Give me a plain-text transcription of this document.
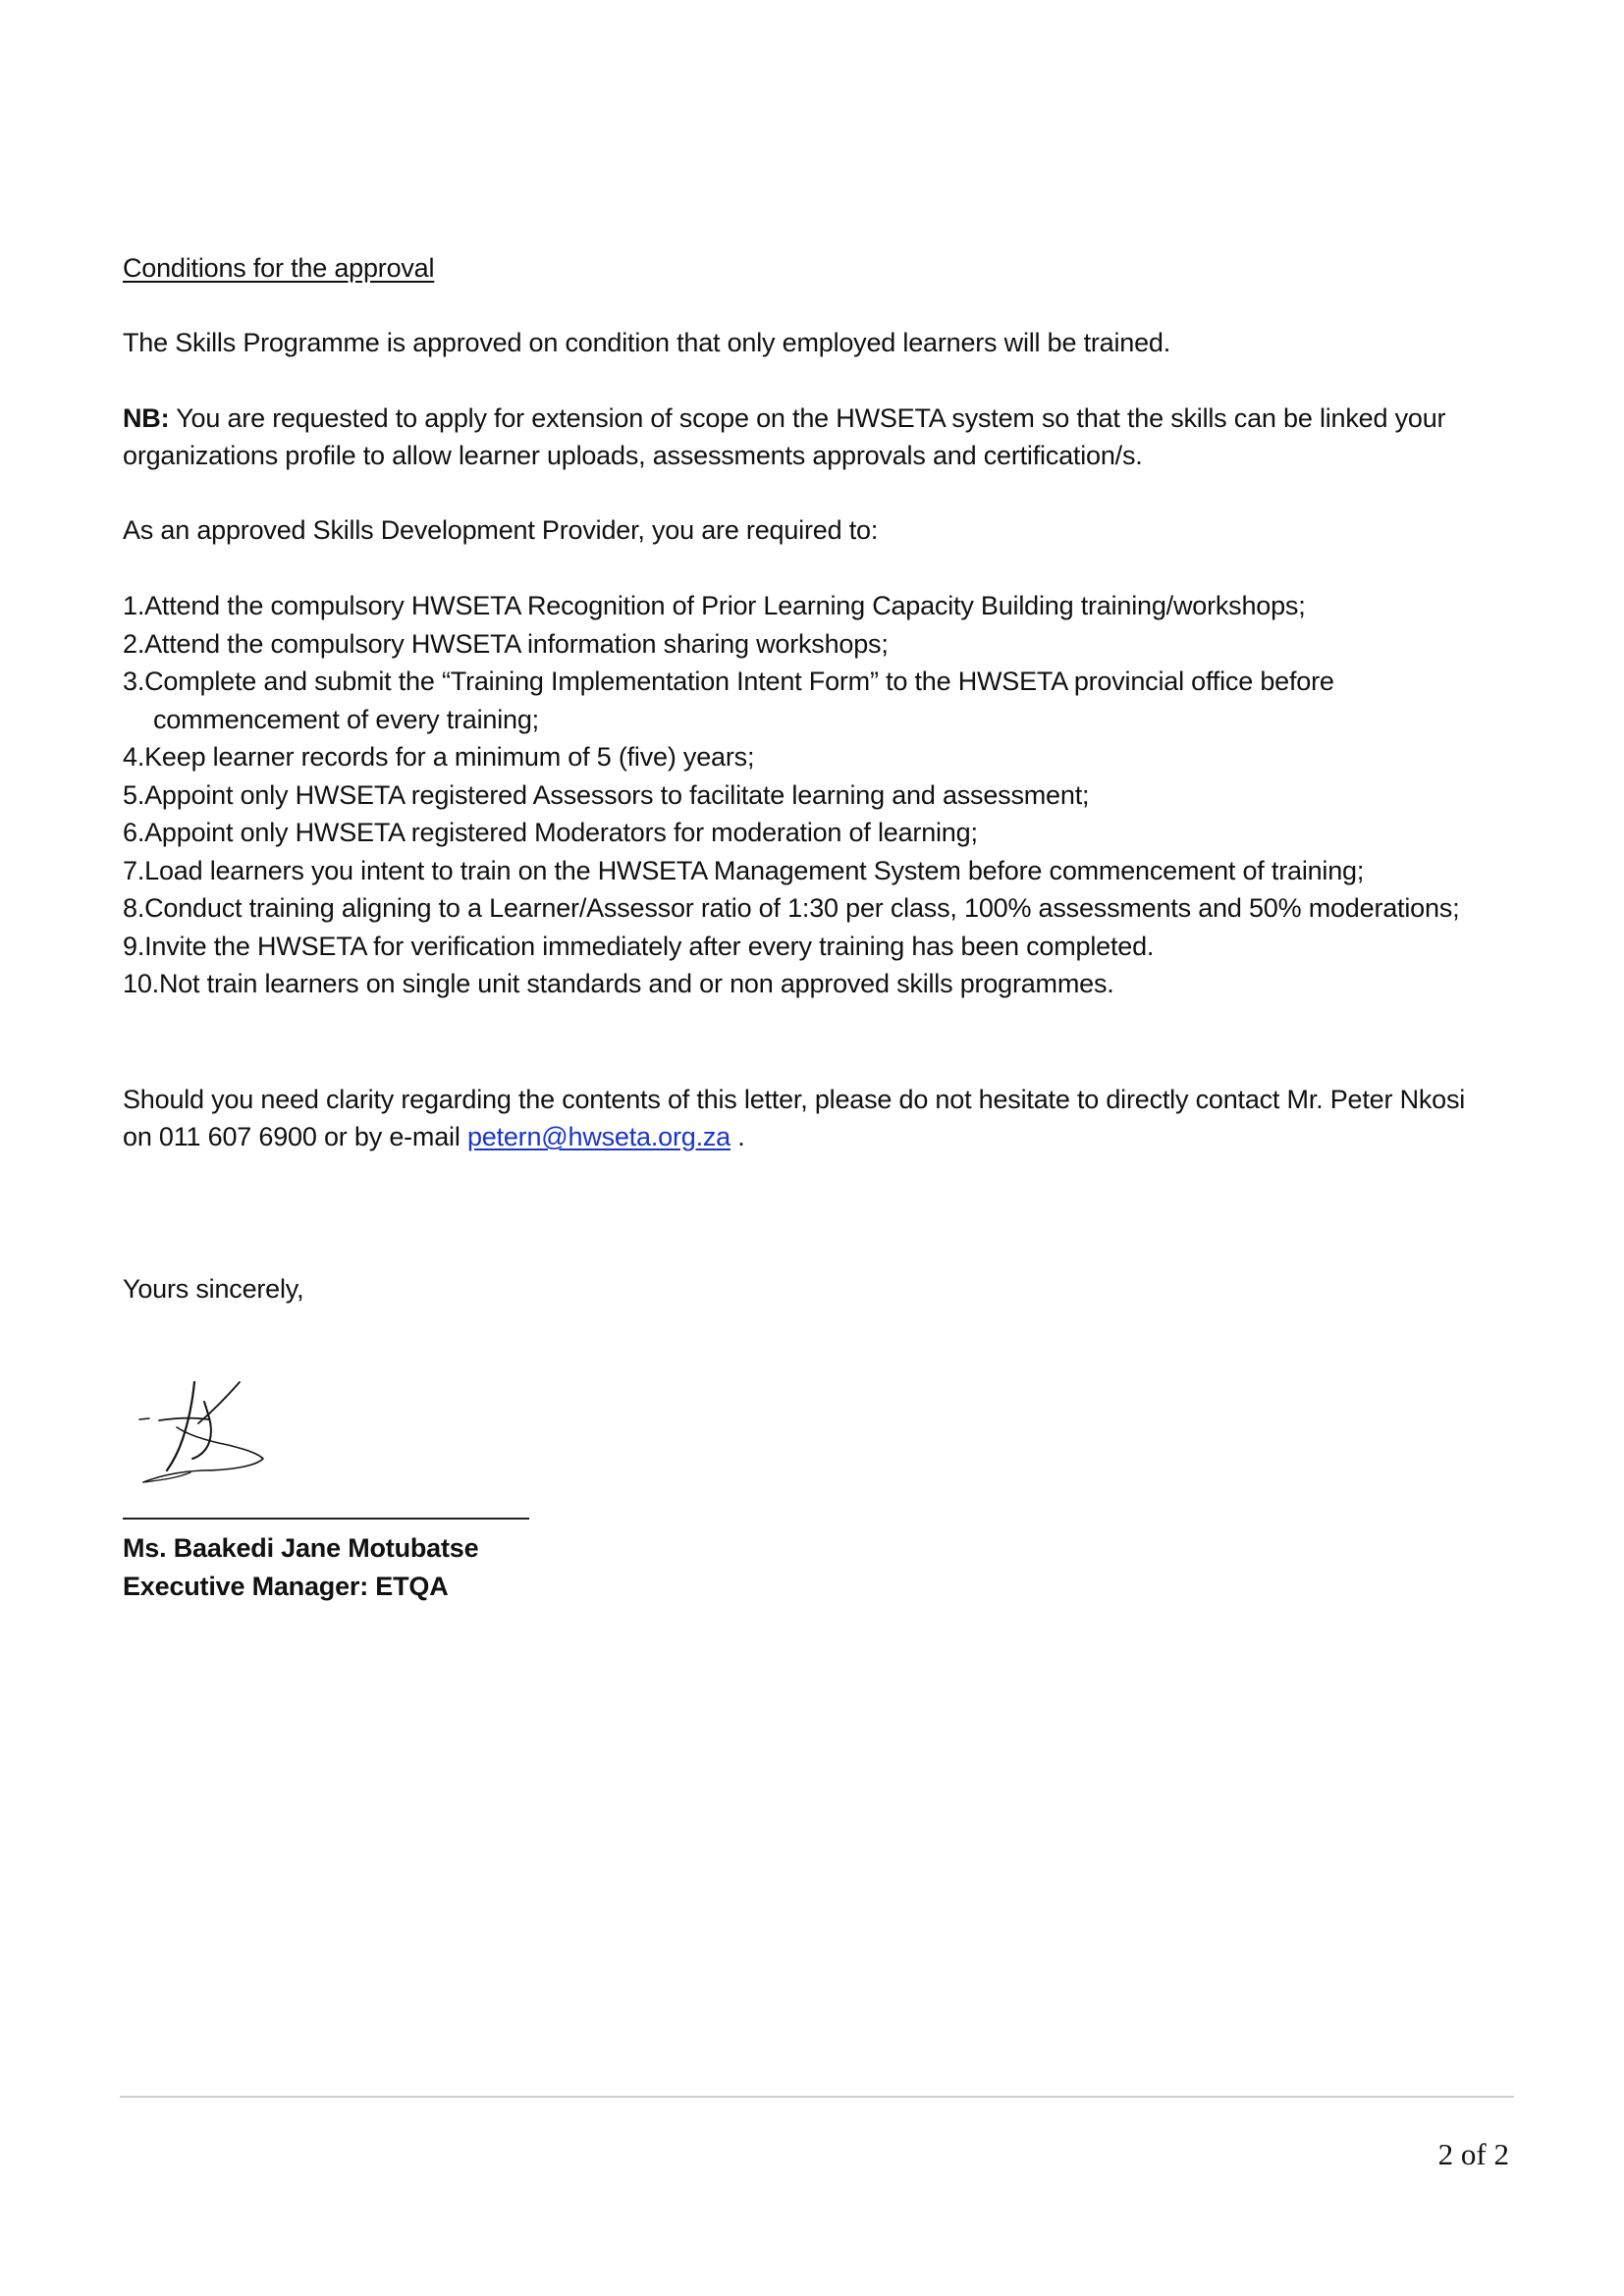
Conditions for the approval
The Skills Programme is approved on condition that only employed learners will be trained.
NB: You are requested to apply for extension of scope on the HWSETA system so that the skills can be linked your
organizations profile to allow learner uploads, assessments approvals and certification/s.
As an approved Skills Development Provider, you are required to:
1.Attend the compulsory HWSETA Recognition of Prior Learning Capacity Building training/workshops;
2.Attend the compulsory HWSETA information sharing workshops;
3.Complete and submit the “Training Implementation Intent Form” to the HWSETA provincial office before
commencement of every training;
4.Keep learner records for a minimum of 5 (five) years;
5.Appoint only HWSETA registered Assessors to facilitate learning and assessment;
6.Appoint only HWSETA registered Moderators for moderation of learning;
7.Load learners you intent to train on the HWSETA Management System before commencement of training;
8.Conduct training aligning to a Learner/Assessor ratio of 1:30 per class, 100% assessments and 50% moderations;
9.Invite the HWSETA for verification immediately after every training has been completed.
10.Not train learners on single unit standards and or non approved skills programmes.
Should you need clarity regarding the contents of this letter, please do not hesitate to directly contact Mr. Peter Nkosi
on 011 607 6900 or by e-mail petern@hwseta.org.za .
Yours sincerely,
Ms. Baakedi Jane Motubatse
Executive Manager: ETQA
2 of 2
